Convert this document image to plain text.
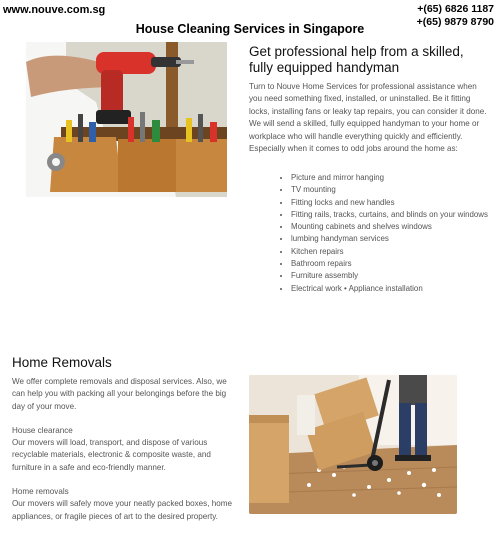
www.nouve.com.sg	+(65) 6826 1187
+(65) 9879 8790
House Cleaning Services in Singapore
Get professional help from a skilled, fully equipped handyman
Turn to Nouve Home Services for professional assistance when you need something fixed, installed, or uninstalled. Be it fitting locks, installing fans or leaky tap repairs, you can consider it done. We will send a skilled, fully equipped handyman to your home or workplace who will handle everything quickly and efficiently. Especially when it comes to odd jobs around the home as:
• Picture and mirror hanging
• TV mounting
• Fitting locks and new handles
• Fitting rails, tracks, curtains, and blinds on your windows
• Mounting cabinets and shelves windows
• lumbing handyman services
• Kitchen repairs
• Bathroom repairs
• Furniture assembly
• Electrical work • Appliance installation
Home Removals

We offer complete removals and disposal services. Also, we can help you with packing all your belongings before the big day of your move.

House clearance
Our movers will load, transport, and dispose of various recyclable materials, electronic & composite waste, and furniture in a safe and eco-friendly manner.

Home removals
Our movers will safely move your neatly packed boxes, home appliances, or fragile pieces of art to the desired property.
